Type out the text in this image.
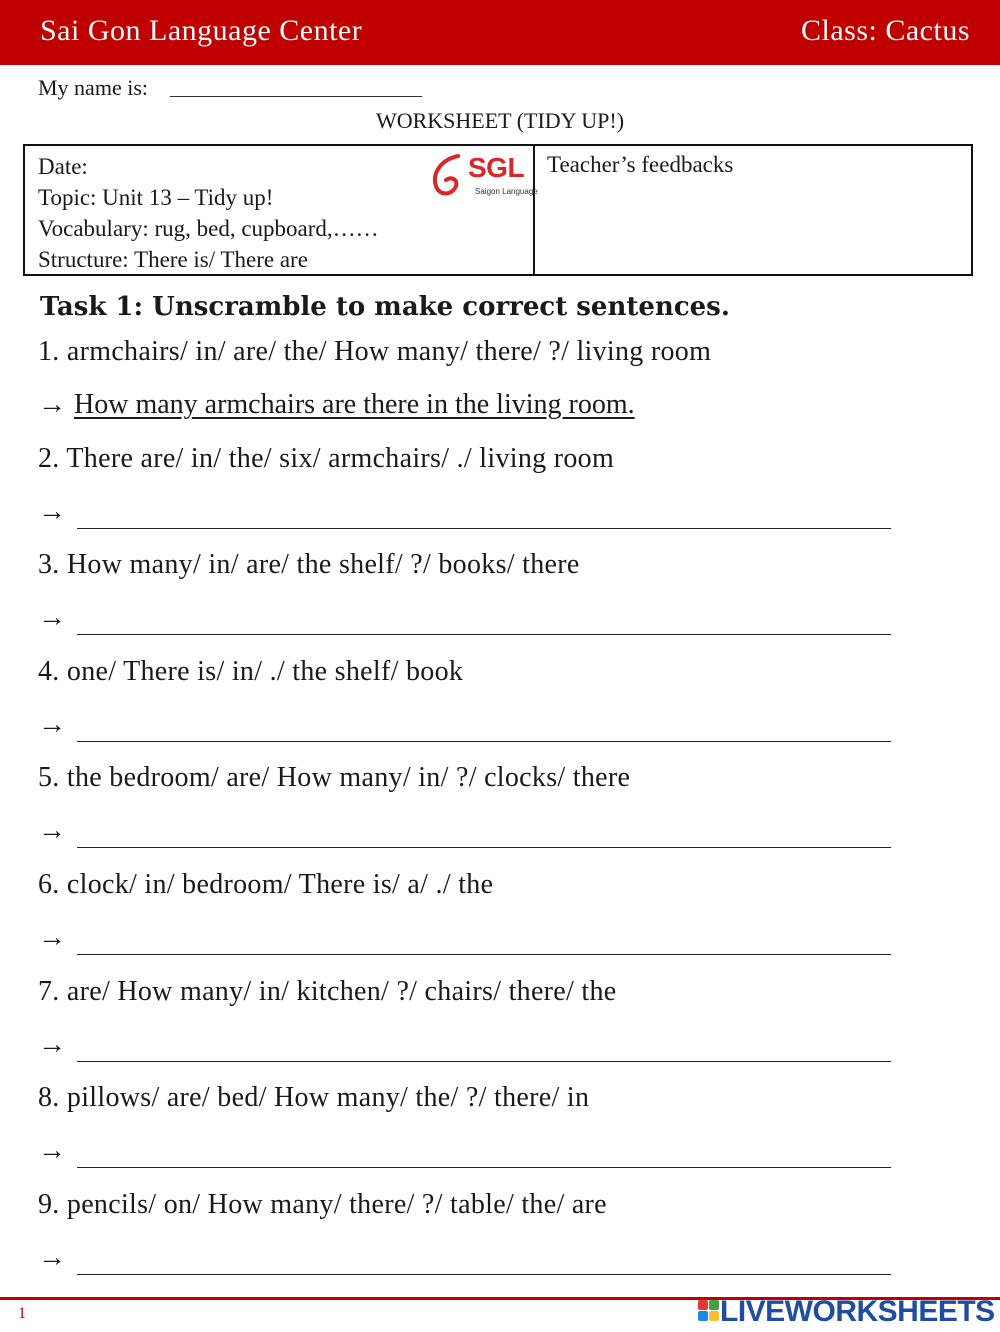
Sai Gon Language Center	Class: Cactus
My name is:
WORKSHEET (TIDY UP!)
Date:
Topic: Unit 13 – Tidy up!
Vocabulary: rug, bed, cupboard,……
Structure: There is/ There are
SGL
Saigon Language
Teacher’s feedbacks
Task 1: Unscramble to make correct sentences.
1. armchairs/ in/ are/ the/ How many/ there/ ?/ living room
→ How many armchairs are there in the living room.
2. There are/ in/ the/ six/ armchairs/ ./ living room
→
3. How many/ in/ are/ the shelf/ ?/ books/ there
→
4. one/ There is/ in/ ./ the shelf/ book
→
5. the bedroom/ are/ How many/ in/ ?/ clocks/ there
→
6. clock/ in/ bedroom/ There is/ a/ ./ the
→
7. are/ How many/ in/ kitchen/ ?/ chairs/ there/ the
→
8. pillows/ are/ bed/ How many/ the/ ?/ there/ in
→
9. pencils/ on/ How many/ there/ ?/ table/ the/ are
→
1	LIVEWORKSHEETS
